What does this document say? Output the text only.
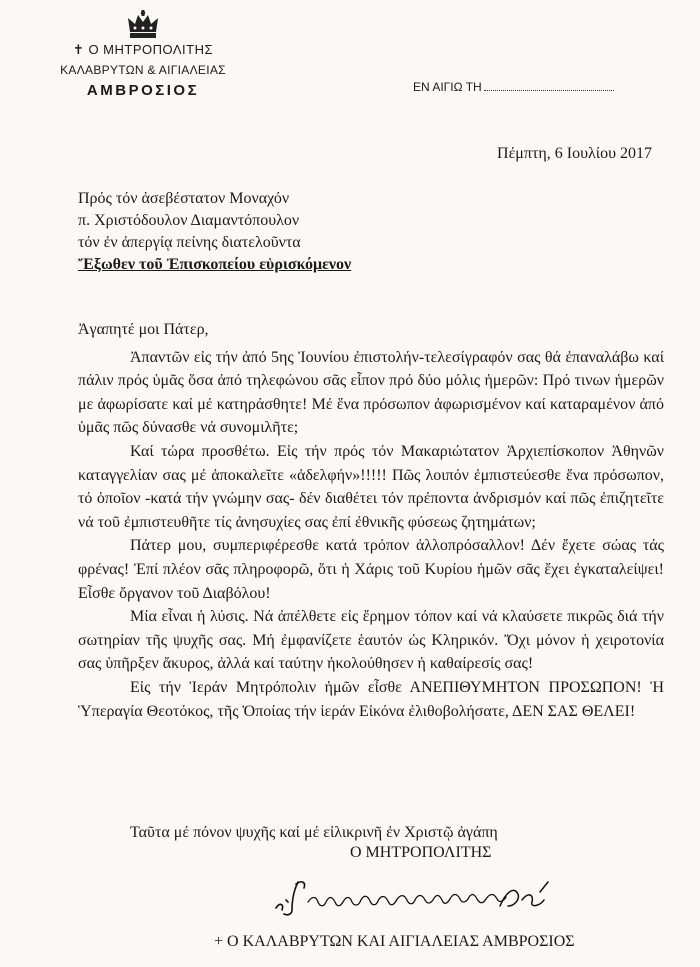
✝ Ο ΜΗΤΡΟΠΟΛΙΤΗΣ
ΚΑΛΑΒΡΥΤΩΝ & ΑΙΓΙΑΛΕΙΑΣ
ΑΜΒΡΟΣΙΟΣ	ΕΝ ΑΙΓΙΩ ΤΗ
Πέμπτη, 6 Ιουλίου 2017
Πρός τόν ἀσεβέστατον Μοναχόν
π. Χριστόδουλον Διαμαντόπουλον
τόν ἐν ἀπεργίᾳ πείνης διατελοῦντα
Ἔξωθεν τοῦ Ἐπισκοπείου εὑρισκόμενον

Ἀγαπητέ μοι Πάτερ,

Ἀπαντῶν εἰς τήν ἀπό 5ης Ἰουνίου ἐπιστολήν-τελεσίγραφόν σας θά ἐπαναλάβω καί πάλιν πρός ὑμᾶς ὅσα ἀπό τηλεφώνου σᾶς εἶπον πρό δύο μόλις ἡμερῶν: Πρό τινων ἡμερῶν με ἀφωρίσατε καί μέ κατηράσθητε! Μέ ἕνα πρόσωπον ἀφωρισμένον καί καταραμένον ἀπό ὑμᾶς πῶς δύνασθε νά συνομιλῆτε;

Καί τώρα προσθέτω. Εἰς τήν πρός τόν Μακαριώτατον Ἀρχιεπίσκοπον Ἀθηνῶν καταγγελίαν σας μέ ἀποκαλεῖτε «ἀδελφήν»!!!!! Πῶς λοιπόν ἐμπιστεύεσθε ἕνα πρόσωπον, τό ὁποῖον -κατά τήν γνώμην σας- δέν διαθέτει τόν πρέποντα ἀνδρισμόν καί πῶς ἐπιζητεῖτε νά τοῦ ἐμπιστευθῆτε τίς ἀνησυχίες σας ἐπί ἐθνικῆς φύσεως ζητημάτων;

Πάτερ μου, συμπεριφέρεσθε κατά τρόπον ἀλλοπρόσαλλον! Δέν ἔχετε σώας τάς φρένας! Ἐπί πλέον σᾶς πληροφορῶ, ὅτι ἡ Χάρις τοῦ Κυρίου ἡμῶν σᾶς ἔχει ἐγκαταλείψει! Εἶσθε ὄργανον τοῦ Διαβόλου!

Μία εἶναι ἡ λύσις. Νά ἀπέλθετε εἰς ἔρημον τόπον καί νά κλαύσετε πικρῶς διά τήν σωτηρίαν τῆς ψυχῆς σας. Μή ἐμφανίζετε ἑαυτόν ὡς Κληρικόν. Ὄχι μόνον ἡ χειροτονία σας ὑπῆρξεν ἄκυρος, ἀλλά καί ταύτην ἠκολούθησεν ἡ καθαίρεσίς σας!

Εἰς τήν Ἱεράν Μητρόπολιν ἡμῶν εἶσθε ΑΝΕΠΙΘΥΜΗΤΟΝ ΠΡΟΣΩΠΟΝ! Ἡ Ὑπεραγία Θεοτόκος, τῆς Ὁποίας τήν ἱεράν Εἰκόνα ἐλιθοβολήσατε, ΔΕΝ ΣΑΣ ΘΕΛΕΙ!

Ταῦτα μέ πόνον ψυχῆς καί μέ εἰλικρινῆ ἐν Χριστῷ ἀγάπη
Ο ΜΗΤΡΟΠΟΛΙΤΗΣ
+ Ο ΚΑΛΑΒΡΥΤΩΝ ΚΑΙ ΑΙΓΙΑΛΕΙΑΣ ΑΜΒΡΟΣΙΟΣ
